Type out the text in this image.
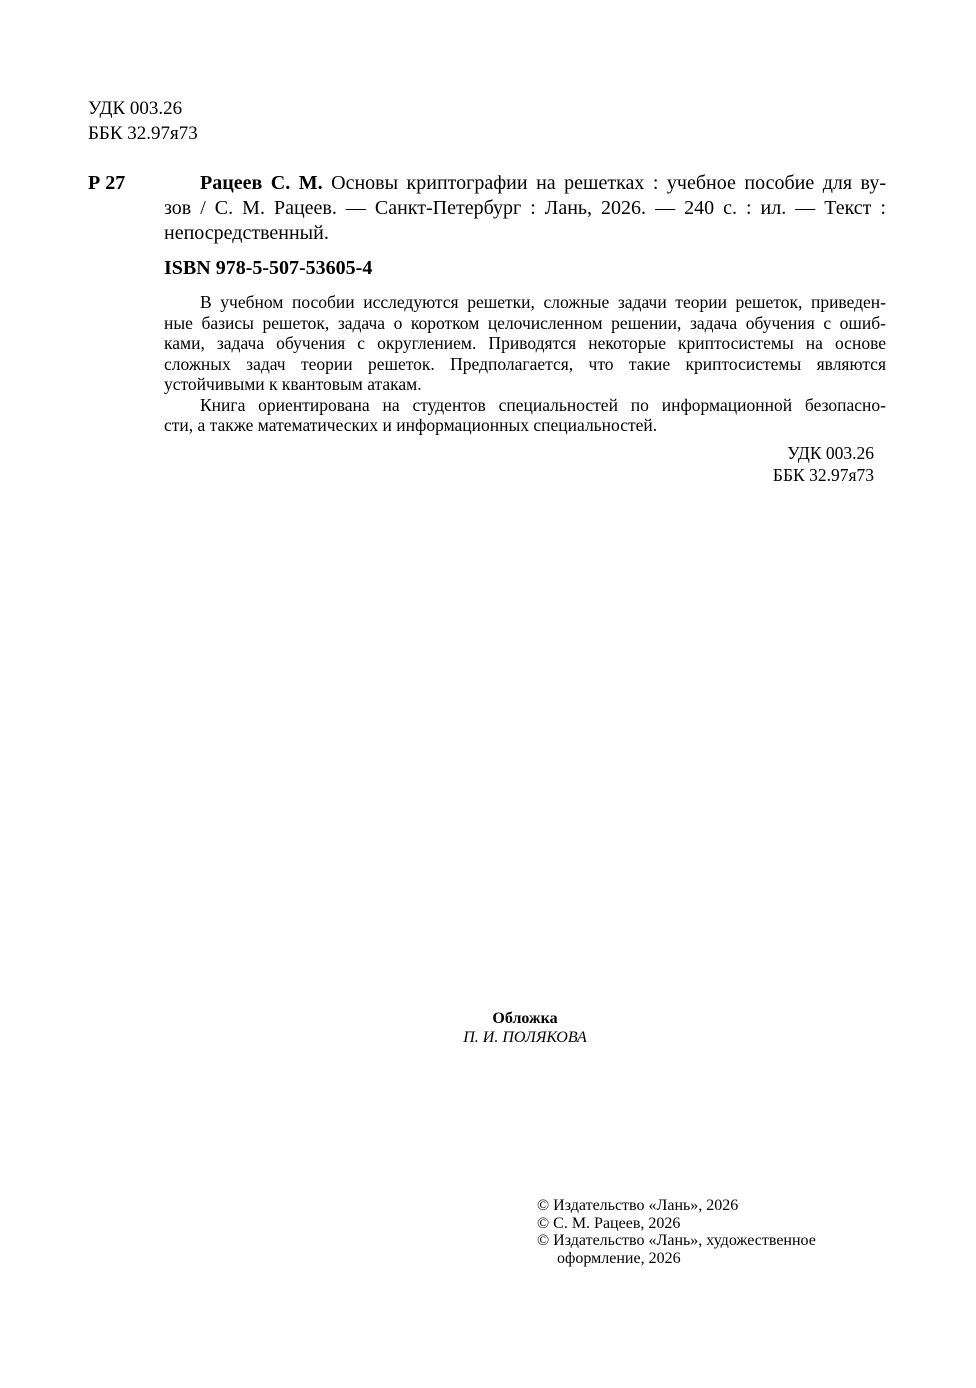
УДК 003.26
ББК 32.97я73
Р 27	Рацеев С. М. Основы криптографии на решетках : учебное пособие для ву-
зов / С. М. Рацеев. — Санкт-Петербург : Лань, 2026. — 240 с. : ил. — Текст :
непосредственный.
ISBN 978-5-507-53605-4
В учебном пособии исследуются решетки, сложные задачи теории решеток, приведен-
ные базисы решеток, задача о коротком целочисленном решении, задача обучения с ошиб-
ками, задача обучения с округлением. Приводятся некоторые криптосистемы на основе
сложных задач теории решеток. Предполагается, что такие криптосистемы являются
устойчивыми к квантовым атакам.
Книга ориентирована на студентов специальностей по информационной безопасно-
сти, а также математических и информационных специальностей.
УДК 003.26
ББК 32.97я73
Обложка
П. И. ПОЛЯКОВА
© Издательство «Лань», 2026
© С. М. Рацеев, 2026
© Издательство «Лань», художественное
оформление, 2026
